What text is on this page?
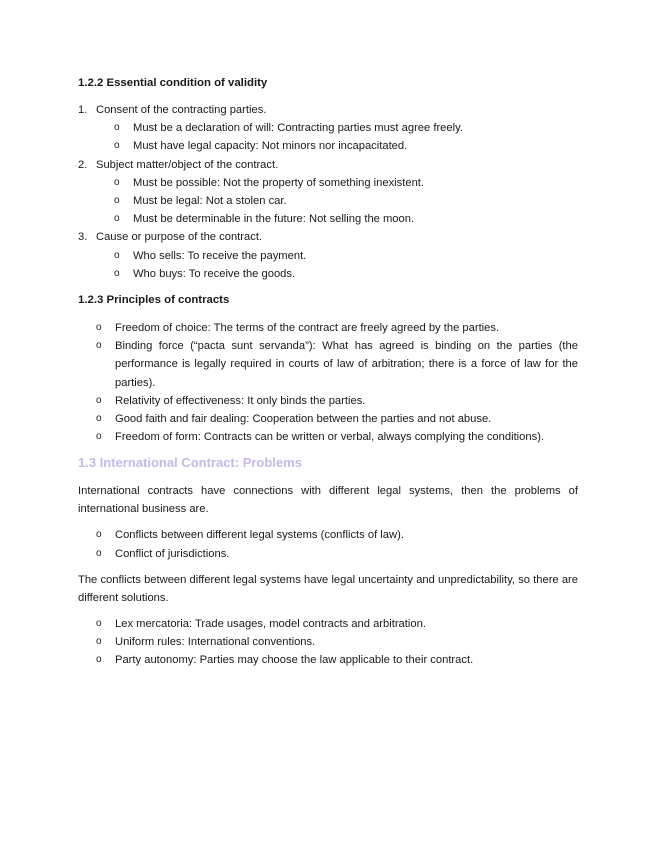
1.2.2 Essential condition of validity

1. Consent of the contracting parties.
o Must be a declaration of will: Contracting parties must agree freely.
o Must have legal capacity: Not minors nor incapacitated.
2. Subject matter/object of the contract.
o Must be possible: Not the property of something inexistent.
o Must be legal: Not a stolen car.
o Must be determinable in the future: Not selling the moon.
3. Cause or purpose of the contract.
o Who sells: To receive the payment.
o Who buys: To receive the goods.

1.2.3 Principles of contracts

o Freedom of choice: The terms of the contract are freely agreed by the parties.
o Binding force (“pacta sunt servanda”): What has agreed is binding on the parties (the performance is legally required in courts of law of arbitration; there is a force of law for the parties).
o Relativity of effectiveness: It only binds the parties.
o Good faith and fair dealing: Cooperation between the parties and not abuse.
o Freedom of form: Contracts can be written or verbal, always complying the conditions).

1.3 International Contract: Problems

International contracts have connections with different legal systems, then the problems of international business are.

o Conflicts between different legal systems (conflicts of law).
o Conflict of jurisdictions.

The conflicts between different legal systems have legal uncertainty and unpredictability, so there are different solutions.

o Lex mercatoria: Trade usages, model contracts and arbitration.
o Uniform rules: International conventions.
o Party autonomy: Parties may choose the law applicable to their contract.
